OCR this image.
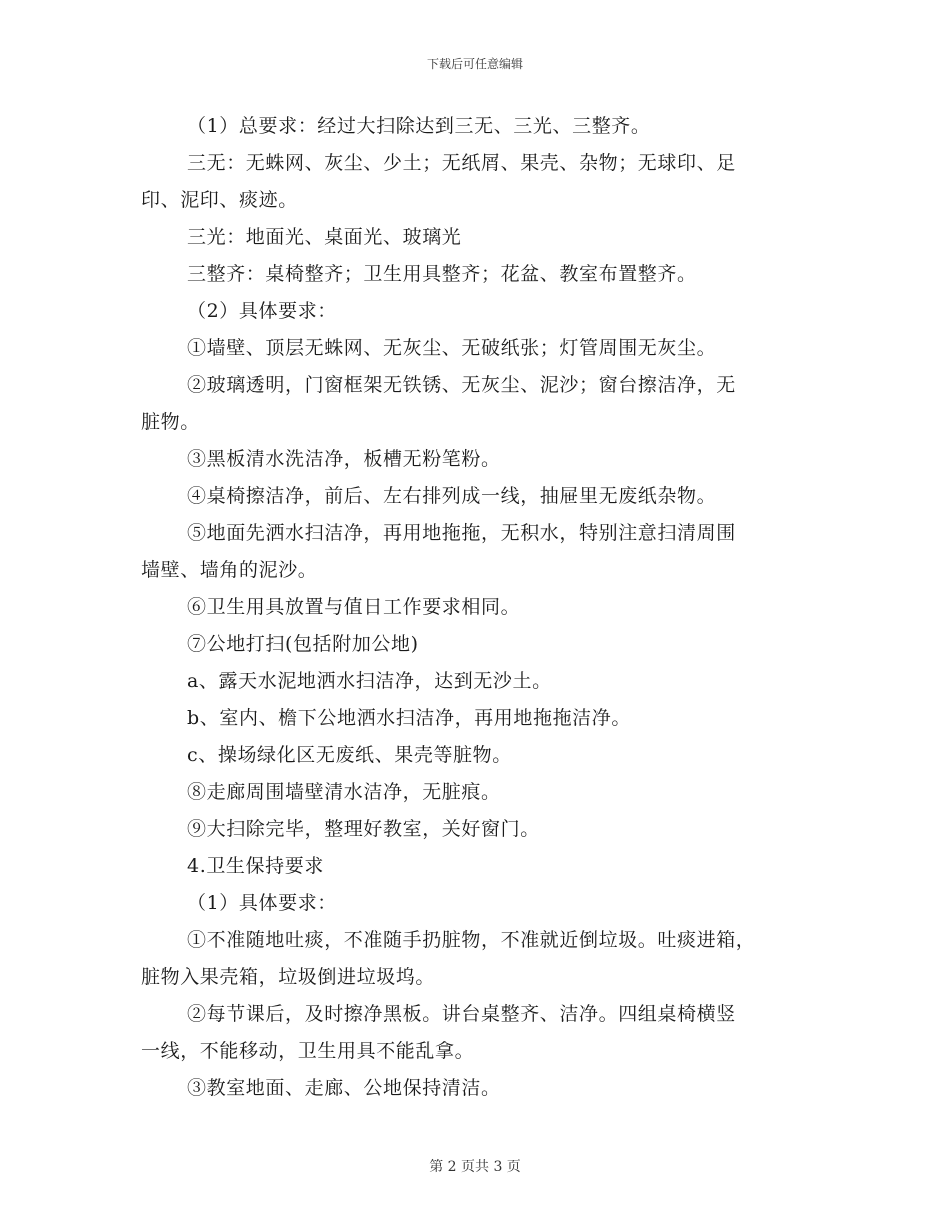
下载后可任意编辑
（1）总要求：经过大扫除达到三无、三光、三整齐。
三无：无蛛网、灰尘、少土；无纸屑、果壳、杂物；无球印、足
印、泥印、痰迹。
三光：地面光、桌面光、玻璃光
三整齐：桌椅整齐；卫生用具整齐；花盆、教室布置整齐。
（2）具体要求：
①墙壁、顶层无蛛网、无灰尘、无破纸张；灯管周围无灰尘。
②玻璃透明，门窗框架无铁锈、无灰尘、泥沙；窗台擦洁净，无
脏物。
③黑板清水洗洁净，板槽无粉笔粉。
④桌椅擦洁净，前后、左右排列成一线，抽屉里无废纸杂物。
⑤地面先洒水扫洁净，再用地拖拖，无积水，特别注意扫清周围
墙壁、墙角的泥沙。
⑥卫生用具放置与值日工作要求相同。
⑦公地打扫(包括附加公地)
a、露天水泥地洒水扫洁净，达到无沙土。
b、室内、檐下公地洒水扫洁净，再用地拖拖洁净。
c、操场绿化区无废纸、果壳等脏物。
⑧走廊周围墙壁清水洁净，无脏痕。
⑨大扫除完毕，整理好教室，关好窗门。
4.卫生保持要求
（1）具体要求：
①不准随地吐痰，不准随手扔脏物，不准就近倒垃圾。吐痰进箱，
脏物入果壳箱，垃圾倒进垃圾坞。
②每节课后，及时擦净黑板。讲台桌整齐、洁净。四组桌椅横竖
一线，不能移动，卫生用具不能乱拿。
③教室地面、走廊、公地保持清洁。
第 2 页共 3 页
